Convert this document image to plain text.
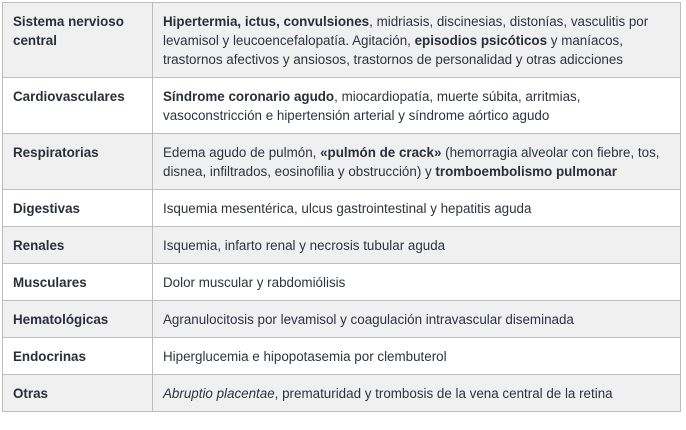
Sistema nervioso central	Hipertermia, ictus, convulsiones, midriasis, discinesias, distonías, vasculitis por levamisol y leucoencefalopatía. Agitación, episodios psicóticos y maníacos, trastornos afectivos y ansiosos, trastornos de personalidad y otras adicciones
Cardiovasculares	Síndrome coronario agudo, miocardiopatía, muerte súbita, arritmias, vasoconstricción e hipertensión arterial y síndrome aórtico agudo
Respiratorias	Edema agudo de pulmón, «pulmón de crack» (hemorragia alveolar con fiebre, tos, disnea, infiltrados, eosinofilia y obstrucción) y tromboembolismo pulmonar
Digestivas	Isquemia mesentérica, ulcus gastrointestinal y hepatitis aguda
Renales	Isquemia, infarto renal y necrosis tubular aguda
Musculares	Dolor muscular y rabdomiólisis
Hematológicas	Agranulocitosis por levamisol y coagulación intravascular diseminada
Endocrinas	Hiperglucemia e hipopotasemia por clembuterol
Otras	Abruptio placentae, prematuridad y trombosis de la vena central de la retina
